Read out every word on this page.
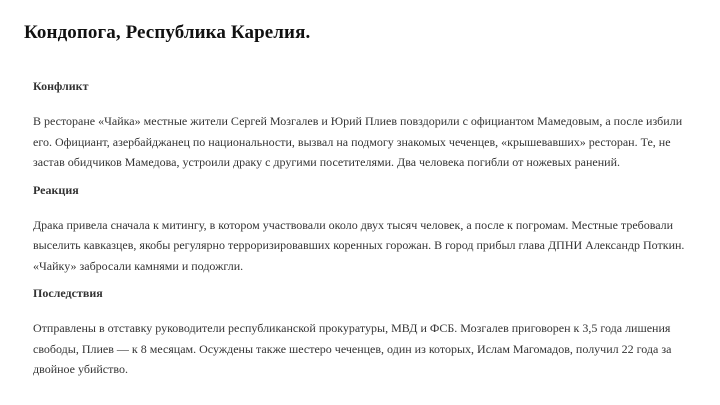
Кондопога, Республика Карелия.
Конфликт

В ресторане «Чайка» местные жители Сергей Мозгалев и Юрий Плиев повздорили с официантом Мамедовым, а после избили его. Официант, азербайджанец по национальности, вызвал на подмогу знакомых чеченцев, «крышевавших» ресторан. Те, не застав обидчиков Мамедова, устроили драку с другими посетителями. Два человека погибли от ножевых ранений.

Реакция

Драка привела сначала к митингу, в котором участвовали около двух тысяч человек, а после к погромам. Местные требовали выселить кавказцев, якобы регулярно терроризировавших коренных горожан. В город прибыл глава ДПНИ Александр Поткин. «Чайку» забросали камнями и подожгли.

Последствия

Отправлены в отставку руководители республиканской прокуратуры, МВД и ФСБ. Мозгалев приговорен к 3,5 года лишения свободы, Плиев — к 8 месяцам. Осуждены также шестеро чеченцев, один из которых, Ислам Магомадов, получил 22 года за двойное убийство.
